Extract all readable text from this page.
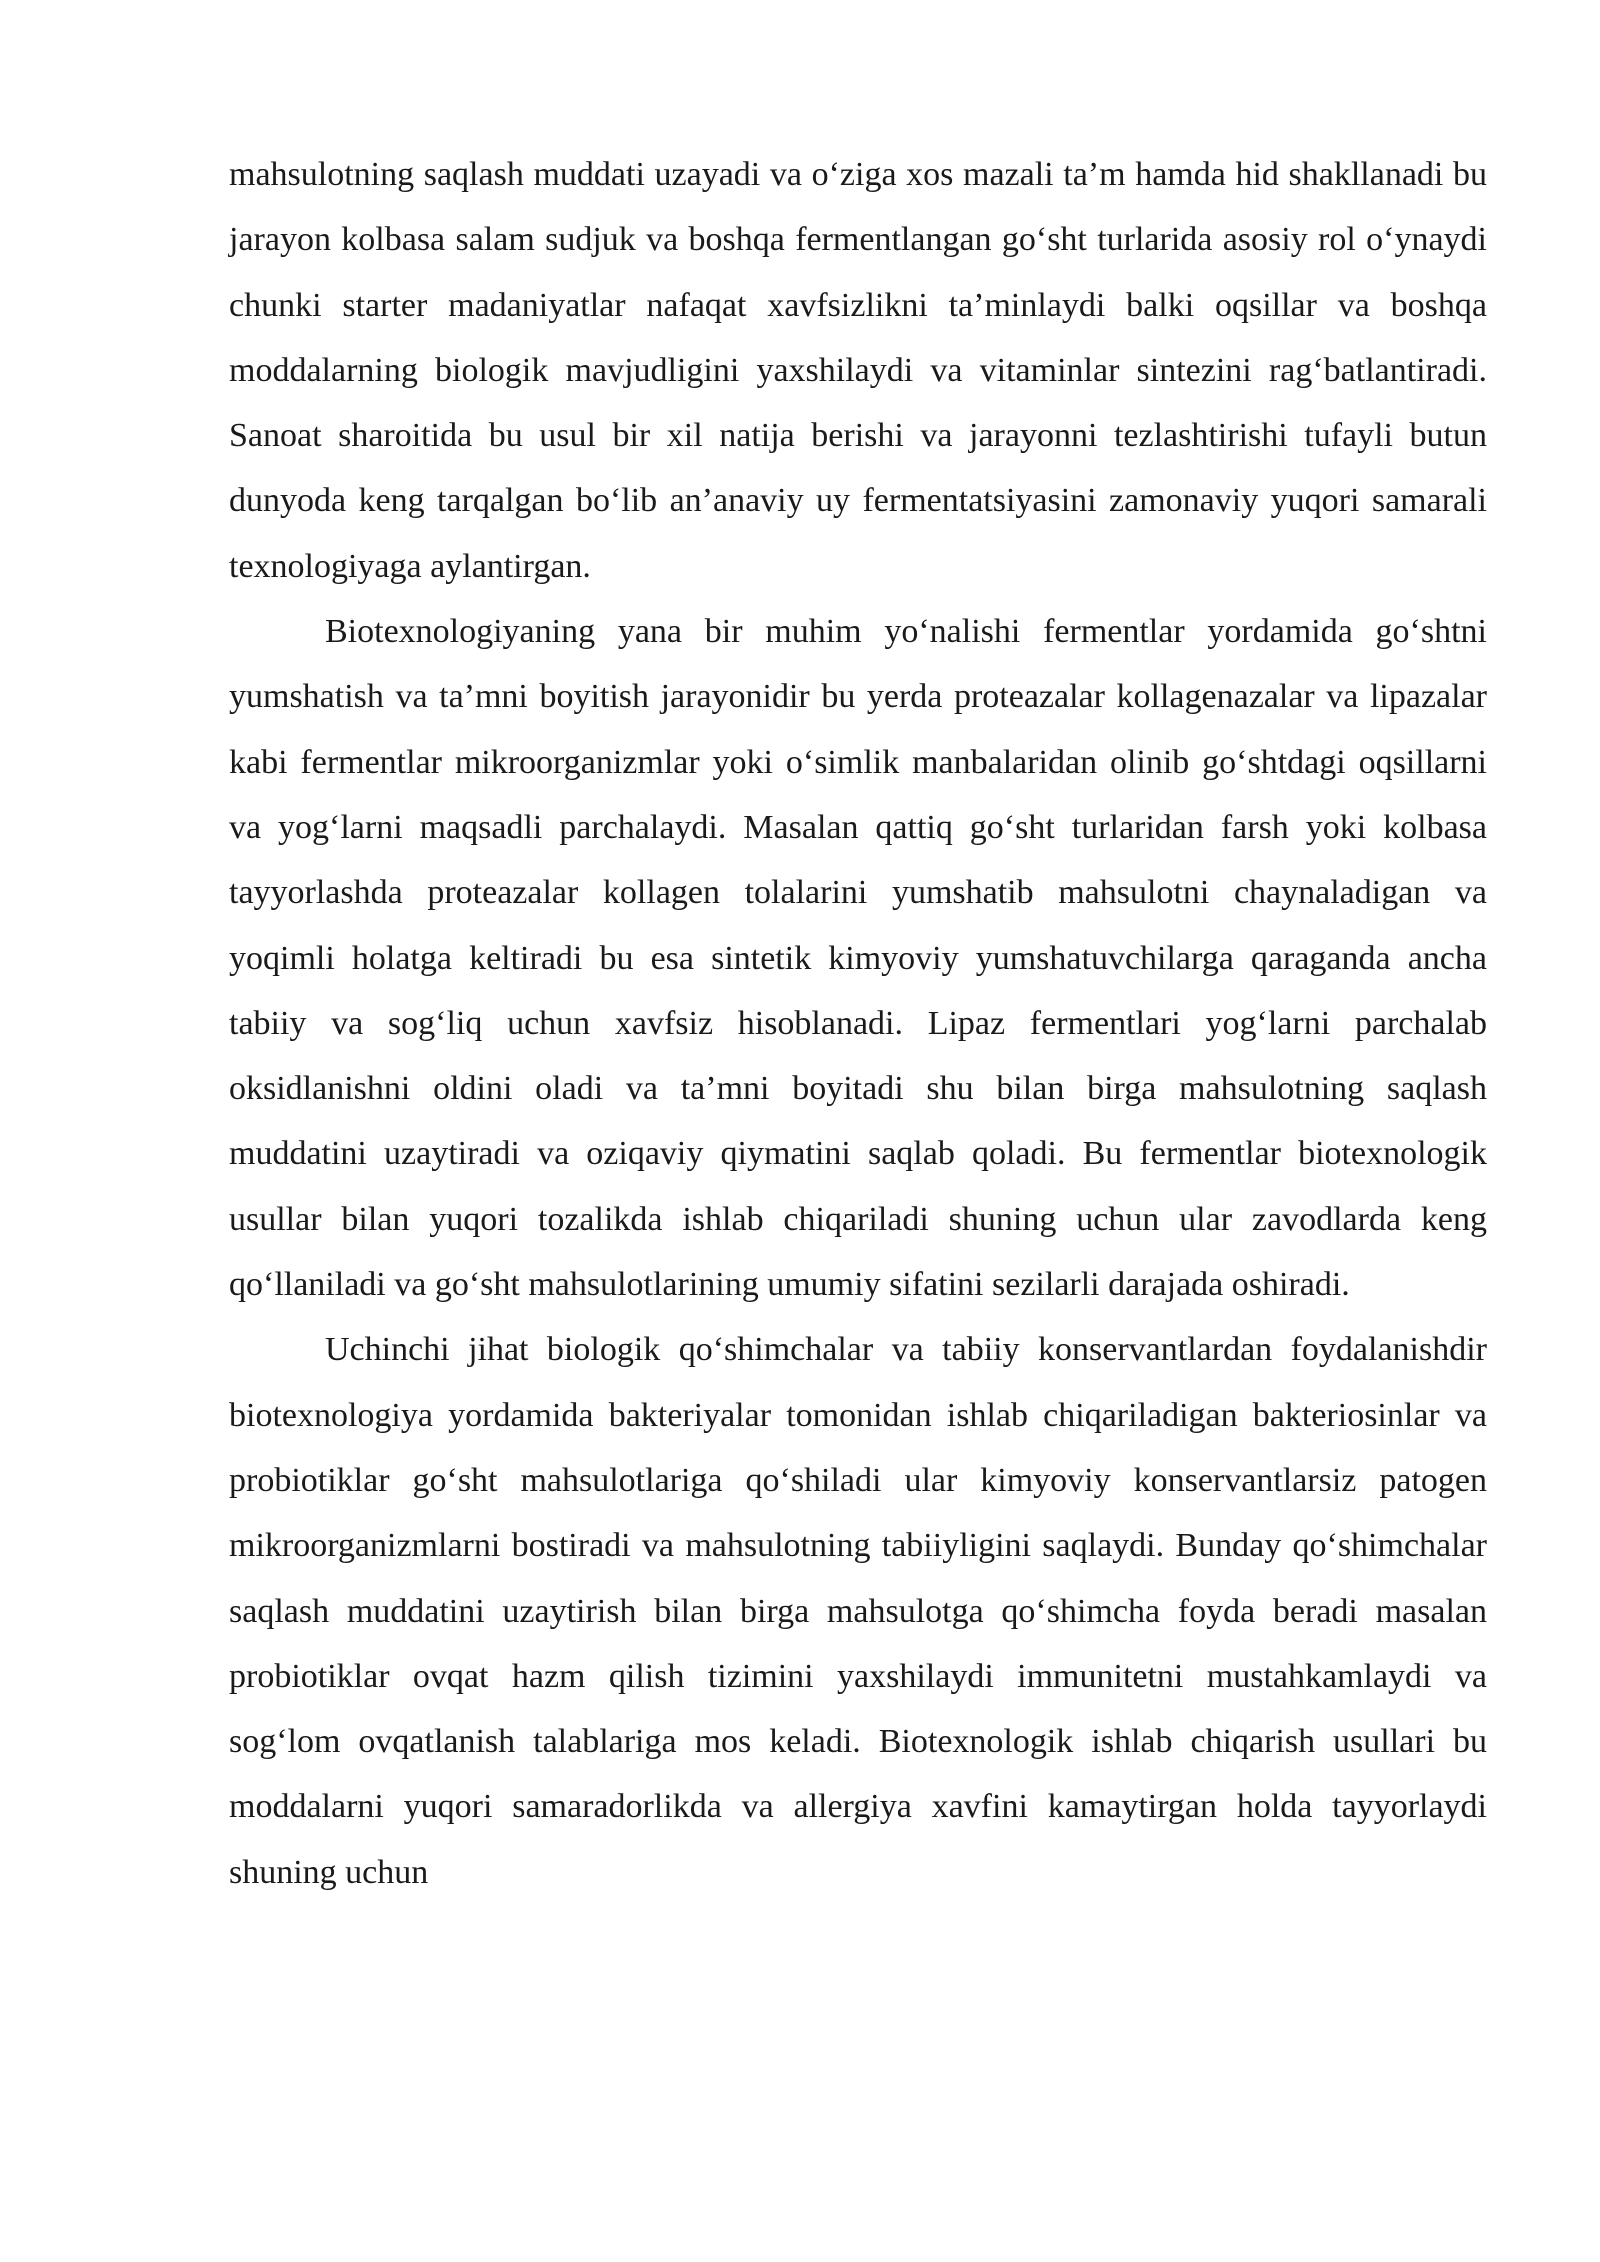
mahsulotning saqlash muddati uzayadi va o‘ziga xos mazali ta’m hamda hid shakllanadi bu jarayon kolbasa salam sudjuk va boshqa fermentlangan go‘sht turlarida asosiy rol o‘ynaydi chunki starter madaniyatlar nafaqat xavfsizlikni ta’minlaydi balki oqsillar va boshqa moddalarning biologik mavjudligini yaxshilaydi va vitaminlar sintezini rag‘batlantiradi. Sanoat sharoitida bu usul bir xil natija berishi va jarayonni tezlashtirishi tufayli butun dunyoda keng tarqalgan bo‘lib an’anaviy uy fermentatsiyasini zamonaviy yuqori samarali texnologiyaga aylantirgan.

Biotexnologiyaning yana bir muhim yo‘nalishi fermentlar yordamida go‘shtni yumshatish va ta’mni boyitish jarayonidir bu yerda proteazalar kollagenazalar va lipazalar kabi fermentlar mikroorganizmlar yoki o‘simlik manbalaridan olinib go‘shtdagi oqsillarni va yog‘larni maqsadli parchalaydi. Masalan qattiq go‘sht turlaridan farsh yoki kolbasa tayyorlashda proteazalar kollagen tolalarini yumshatib mahsulotni chaynaladigan va yoqimli holatga keltiradi bu esa sintetik kimyoviy yumshatuvchilarga qaraganda ancha tabiiy va sog‘liq uchun xavfsiz hisoblanadi. Lipaz fermentlari yog‘larni parchalab oksidlanishni oldini oladi va ta’mni boyitadi shu bilan birga mahsulotning saqlash muddatini uzaytiradi va oziqaviy qiymatini saqlab qoladi. Bu fermentlar biotexnologik usullar bilan yuqori tozalikda ishlab chiqariladi shuning uchun ular zavodlarda keng qo‘llaniladi va go‘sht mahsulotlarining umumiy sifatini sezilarli darajada oshiradi.

Uchinchi jihat biologik qo‘shimchalar va tabiiy konservantlardan foydalanishdir biotexnologiya yordamida bakteriyalar tomonidan ishlab chiqariladigan bakteriosinlar va probiotiklar go‘sht mahsulotlariga qo‘shiladi ular kimyoviy konservantlarsiz patogen mikroorganizmlarni bostiradi va mahsulotning tabiiyligini saqlaydi. Bunday qo‘shimchalar saqlash muddatini uzaytirish bilan birga mahsulotga qo‘shimcha foyda beradi masalan probiotiklar ovqat hazm qilish tizimini yaxshilaydi immunitetni mustahkamlaydi va sog‘lom ovqatlanish talablariga mos keladi. Biotexnologik ishlab chiqarish usullari bu moddalarni yuqori samaradorlikda va allergiya xavfini kamaytirgan holda tayyorlaydi shuning uchun
